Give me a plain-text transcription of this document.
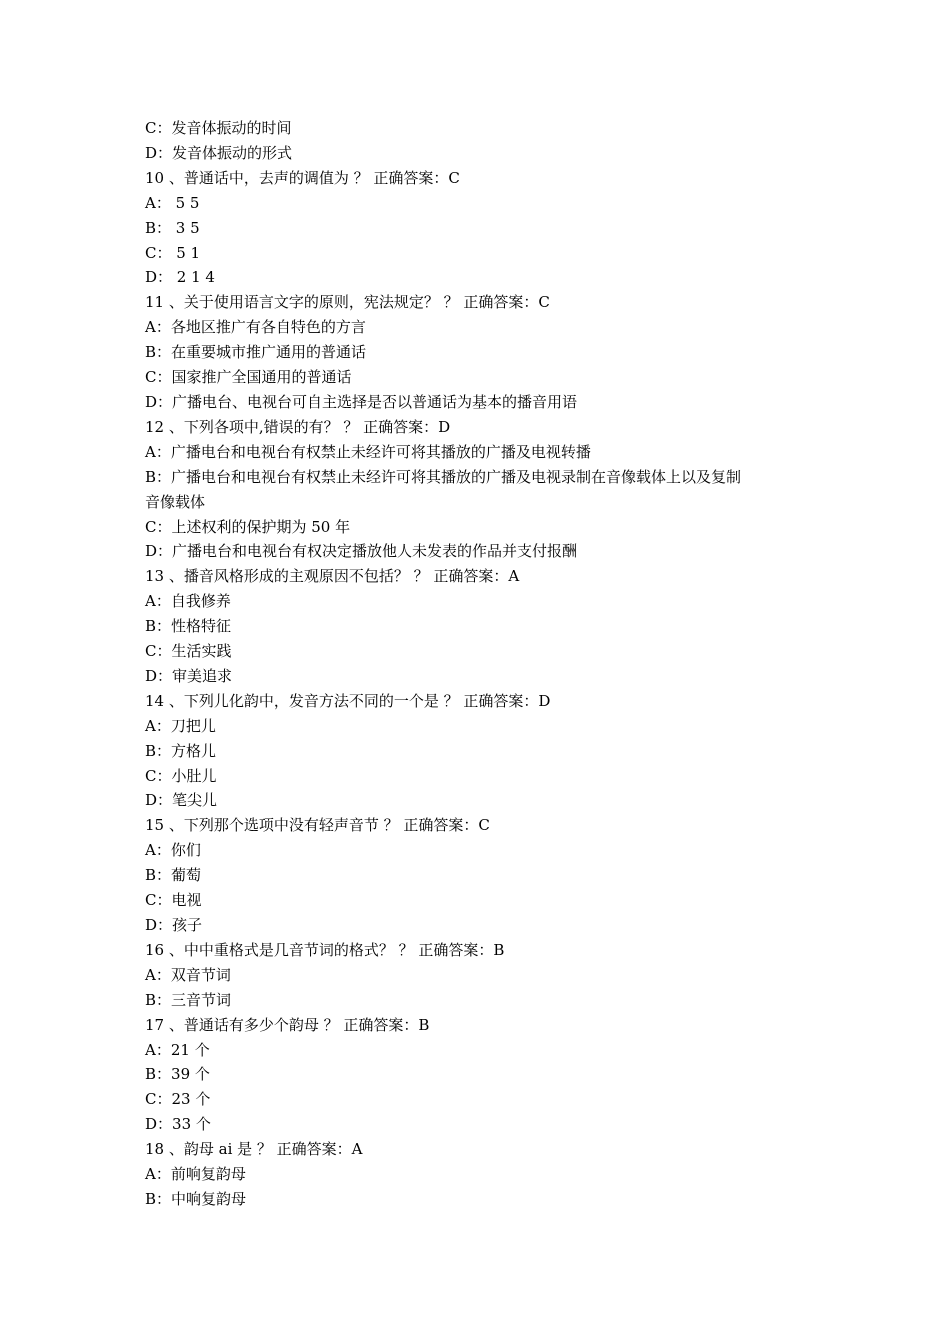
C：发音体振动的时间
D：发音体振动的形式
10 、普通话中，去声的调值为 ？ 正确答案：C
A： 5 5
B： 3 5
C： 5 1
D： 2 1 4
11 、关于使用语言文字的原则，宪法规定？ ？ 正确答案：C
A：各地区推广有各自特色的方言
B：在重要城市推广通用的普通话
C：国家推广全国通用的普通话
D：广播电台、电视台可自主选择是否以普通话为基本的播音用语
12 、下列各项中,错误的有？ ？ 正确答案：D
A：广播电台和电视台有权禁止未经许可将其播放的广播及电视转播
B：广播电台和电视台有权禁止未经许可将其播放的广播及电视录制在音像载体上以及复制
音像载体
C：上述权利的保护期为 50 年
D：广播电台和电视台有权决定播放他人未发表的作品并支付报酬
13 、播音风格形成的主观原因不包括？ ？ 正确答案：A
A：自我修养
B：性格特征
C：生活实践
D：审美追求
14 、下列儿化韵中，发音方法不同的一个是 ？ 正确答案：D
A：刀把儿
B：方格儿
C：小肚儿
D：笔尖儿
15 、下列那个选项中没有轻声音节 ？ 正确答案：C
A：你们
B：葡萄
C：电视
D：孩子
16 、中中重格式是几音节词的格式？ ？ 正确答案：B
A：双音节词
B：三音节词
17 、普通话有多少个韵母 ？ 正确答案：B
A：21 个
B：39 个
C：23 个
D：33 个
18 、韵母 ai 是 ？ 正确答案：A
A：前响复韵母
B：中响复韵母
